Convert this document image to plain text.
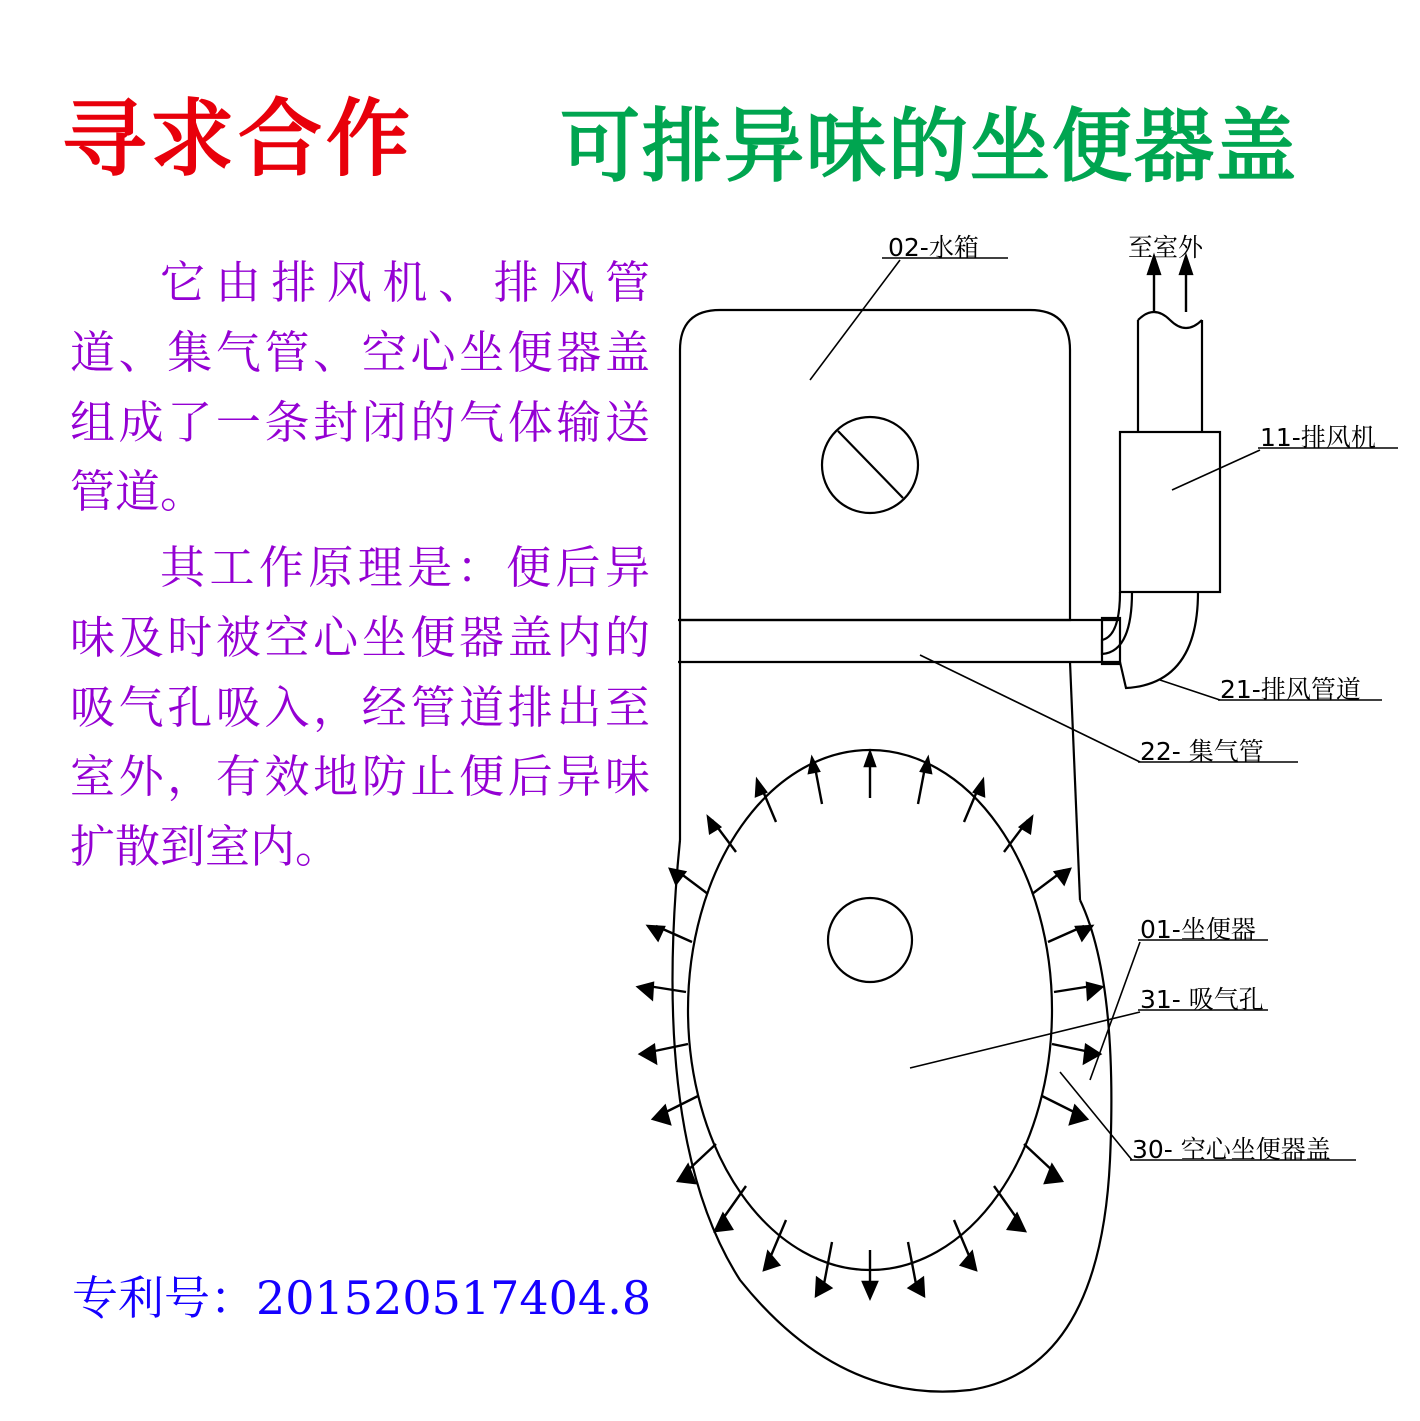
寻求合作 可排异味的坐便器盖

它由排风机、排风管道、集气管、空心坐便器盖组成了一条封闭的气体输送管道。

其工作原理是：便后异味及时被空心坐便器盖内的吸气孔吸入，经管道排出至室外，有效地防止便后异味扩散到室内。

专利号：201520517404.8
02-水箱	至室外
11-排风机
21-排风管道
22- 集气管
01-坐便器
31- 吸气孔
30- 空心坐便器盖
